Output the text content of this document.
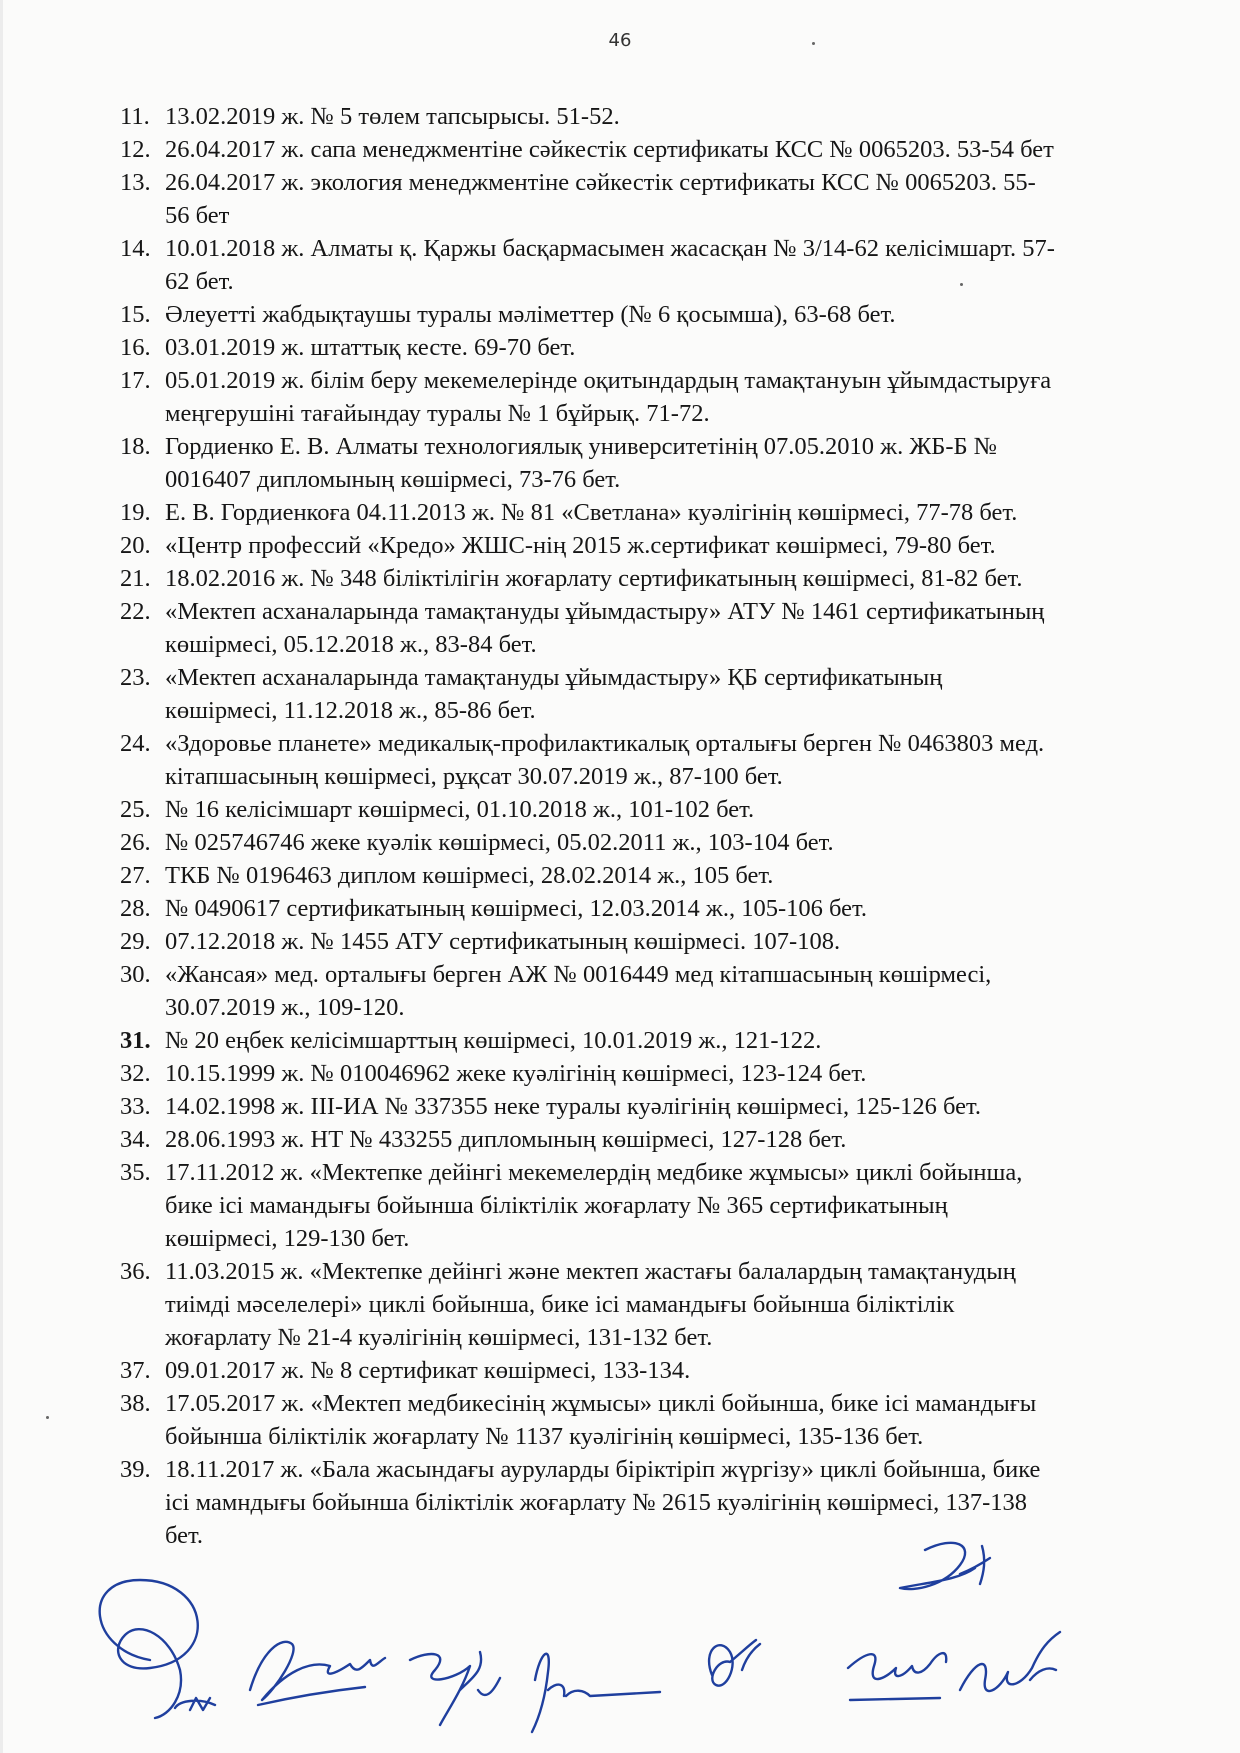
46
11. 13.02.2019 ж. № 5 төлем тапсырысы. 51-52.
12. 26.04.2017 ж. сапа менеджментіне сәйкестік сертификаты КСС № 0065203. 53-54 бет
13. 26.04.2017 ж. экология менеджментіне сәйкестік сертификаты КСС № 0065203. 55-
56 бет
14. 10.01.2018 ж. Алматы қ. Қаржы басқармасымен жасасқан № 3/14-62 келісімшарт. 57-
62 бет.
15. Әлеуетті жабдықтаушы туралы мәліметтер (№ 6 қосымша), 63-68 бет.
16. 03.01.2019 ж. штаттық кесте. 69-70 бет.
17. 05.01.2019 ж. білім беру мекемелерінде оқитындардың тамақтануын ұйымдастыруға
меңгерушіні тағайындау туралы № 1 бұйрық. 71-72.
18. Гордиенко Е. В. Алматы технологиялық университетінің 07.05.2010 ж. ЖБ-Б №
0016407 дипломының көшірмесі, 73-76 бет.
19. Е. В. Гордиенкоға 04.11.2013 ж. № 81 «Светлана» куәлігінің көшірмесі, 77-78 бет.
20. «Центр профессий «Кредо» ЖШС-нің 2015 ж.сертификат көшірмесі, 79-80 бет.
21. 18.02.2016 ж. № 348 біліктілігін жоғарлату сертификатының көшірмесі, 81-82 бет.
22. «Мектеп асханаларында тамақтануды ұйымдастыру» АТУ № 1461 сертификатының
көшірмесі, 05.12.2018 ж., 83-84 бет.
23. «Мектеп асханаларында тамақтануды ұйымдастыру» ҚБ сертификатының
көшірмесі, 11.12.2018 ж., 85-86 бет.
24. «Здоровье планете» медикалық-профилактикалық орталығы берген № 0463803 мед.
кітапшасының көшірмесі, рұқсат 30.07.2019 ж., 87-100 бет.
25. № 16 келісімшарт көшірмесі, 01.10.2018 ж., 101-102 бет.
26. № 025746746 жеке куәлік көшірмесі, 05.02.2011 ж., 103-104 бет.
27. ТКБ № 0196463 диплом көшірмесі, 28.02.2014 ж., 105 бет.
28. № 0490617 сертификатының көшірмесі, 12.03.2014 ж., 105-106 бет.
29. 07.12.2018 ж. № 1455 АТУ сертификатының көшірмесі. 107-108.
30. «Жансая» мед. орталығы берген АЖ № 0016449 мед кітапшасының көшірмесі,
30.07.2019 ж., 109-120.
31. № 20 еңбек келісімшарттың көшірмесі, 10.01.2019 ж., 121-122.
32. 10.15.1999 ж. № 010046962 жеке куәлігінің көшірмесі, 123-124 бет.
33. 14.02.1998 ж. ІІІ-ИА № 337355 неке туралы куәлігінің көшірмесі, 125-126 бет.
34. 28.06.1993 ж. НТ № 433255 дипломының көшірмесі, 127-128 бет.
35. 17.11.2012 ж. «Мектепке дейінгі мекемелердің медбике жұмысы» циклі бойынша,
бике ісі мамандығы бойынша біліктілік жоғарлату № 365 сертификатының
көшірмесі, 129-130 бет.
36. 11.03.2015 ж. «Мектепке дейінгі және мектеп жастағы балалардың тамақтанудың
тиімді мәселелері» циклі бойынша, бике ісі мамандығы бойынша біліктілік
жоғарлату № 21-4 куәлігінің көшірмесі, 131-132 бет.
37. 09.01.2017 ж. № 8 сертификат көшірмесі, 133-134.
38. 17.05.2017 ж. «Мектеп медбикесінің жұмысы» циклі бойынша, бике ісі мамандығы
бойынша біліктілік жоғарлату № 1137 куәлігінің көшірмесі, 135-136 бет.
39. 18.11.2017 ж. «Бала жасындағы ауруларды біріктіріп жүргізу» циклі бойынша, бике
ісі мамндығы бойынша біліктілік жоғарлату № 2615 куәлігінің көшірмесі, 137-138
бет.
